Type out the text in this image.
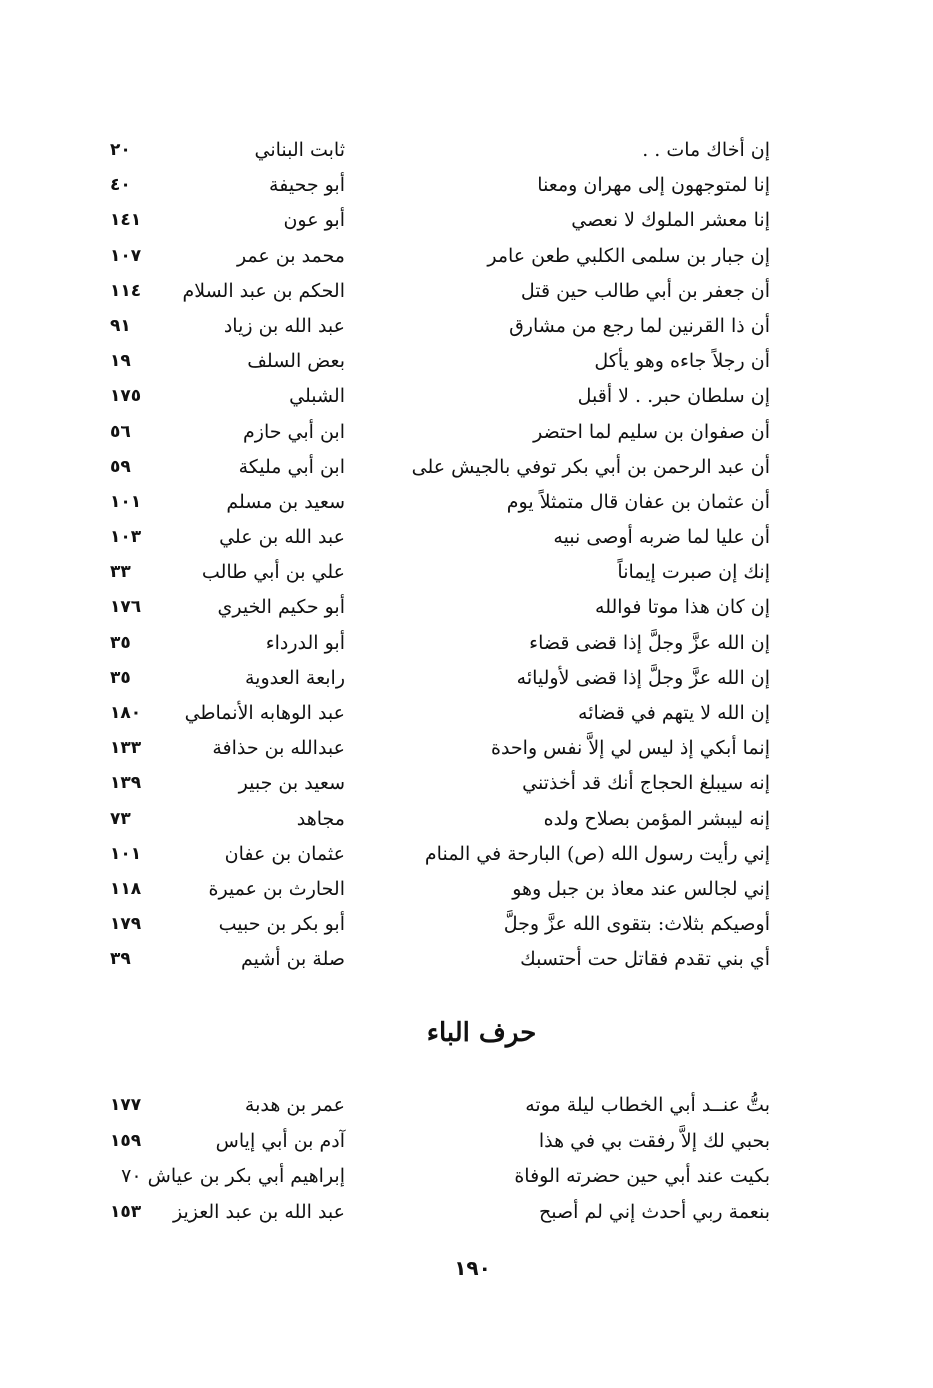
إن أخاك مات . .
ثابت البناني
٢٠
إنا لمتوجهون إلى مهران ومعنا
أبو جحيفة
٤٠
إنا معشر الملوك لا نعصي
أبو عون
١٤١
إن جبار بن سلمى الكلبي طعن عامر
محمد بن عمر
١٠٧
أن جعفر بن أبي طالب حين قتل
الحكم بن عبد السلام
١١٤
أن ذا القرنين لما رجع من مشارق
عبد الله بن زياد
٩١
أن رجلاً جاءه وهو يأكل
بعض السلف
١٩
إن سلطان حبر. . لا أقبل
الشبلي
١٧٥
أن صفوان بن سليم لما احتضر
ابن أبي حازم
٥٦
أن عبد الرحمن بن أبي بكر توفي بالجيش على
ابن أبي مليكة
٥٩
أن عثمان بن عفان قال متمثلاً يوم
سعيد بن مسلم
١٠١
أن عليا لما ضربه أوصى نبيه
عبد الله بن علي
١٠٣
إنك إن صبرت إيماناً
علي بن أبي طالب
٣٣
إن كان هذا موتا فوالله
أبو حكيم الخيري
١٧٦
إن الله عزَّ وجلَّ إذا قضى قضاء
أبو الدرداء
٣٥
إن الله عزَّ وجلَّ إذا قضى لأوليائه
رابعة العدوية
٣٥
إن الله لا يتهم في قضائه
عبد الوهابه الأنماطي
١٨٠
إنما أبكي إذ ليس لي إلاَّ نفس واحدة
عبدالله بن حذافة
١٣٣
إنه سيبلغ الحجاج أنك قد أخذتني
سعيد بن جبير
١٣٩
إنه ليبشر المؤمن بصلاح ولده
مجاهد
٧٣
إني رأيت رسول الله (ص) البارحة في المنام
عثمان بن عفان
١٠١
إني لجالس عند معاذ بن جبل وهو
الحارث بن عميرة
١١٨
أوصيكم بثلاث: بتقوى الله عزَّ وجلَّ
أبو بكر بن حبيب
١٧٩
أي بني تقدم فقاتل حت أحتسبك
صلة بن أشيم
٣٩
حرف الباء
بتُّ عنــد أبي الخطاب ليلة موته
عمر بن هدبة
١٧٧
بحبي لك إلاَّ رفقت بي في هذا
آدم بن أبي إياس
١٥٩
بكيت عند أبي حين حضرته الوفاة
إبراهيم أبي بكر بن عياش ٧٠
بنعمة ربي أحدث إني لم أصبح
عبد الله بن عبد العزيز
١٥٣
١٩٠
